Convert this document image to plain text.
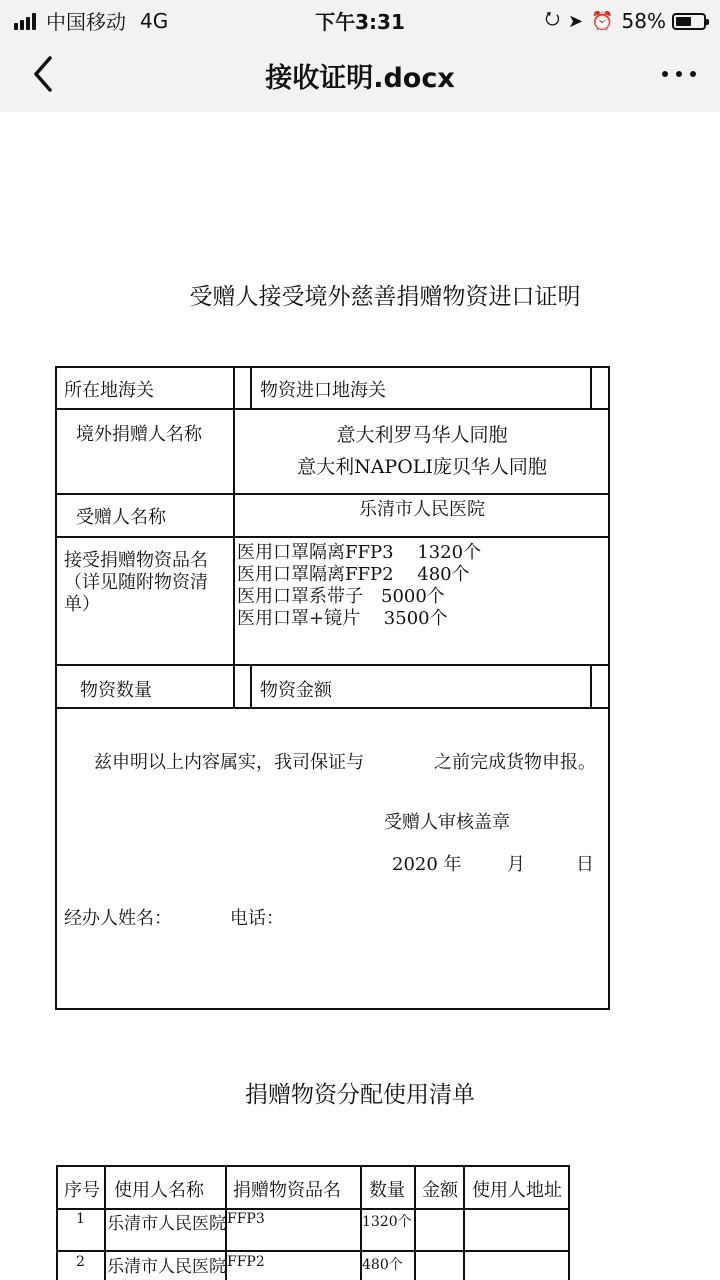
中国移动 4G	下午3:31	⭮ ➤ ⏰ 58%
接收证明.docx
受赠人接受境外慈善捐赠物资进口证明
所在地海关	物资进口地海关
境外捐赠人名称	意大利罗马华人同胞
意大利NAPOLI庞贝华人同胞
受赠人名称	乐清市人民医院
接受捐赠物资品名
（详见随附物资清
单）
医用口罩隔离FFP3　 1320个
医用口罩隔离FFP2　 480个
医用口罩系带子　5000个
医用口罩+镜片　 3500个
物资数量	物资金额
兹申明以上内容属实，我司保证与	之前完成货物申报。
受赠人审核盖章
2020 年	月	日
经办人姓名：	电话：
捐赠物资分配使用清单
序号 使用人名称 捐赠物资品名 数量 金额 使用人地址
1 乐清市人民医院 FFP3	1320个
2 乐清市人民医院 FFP2	480个
